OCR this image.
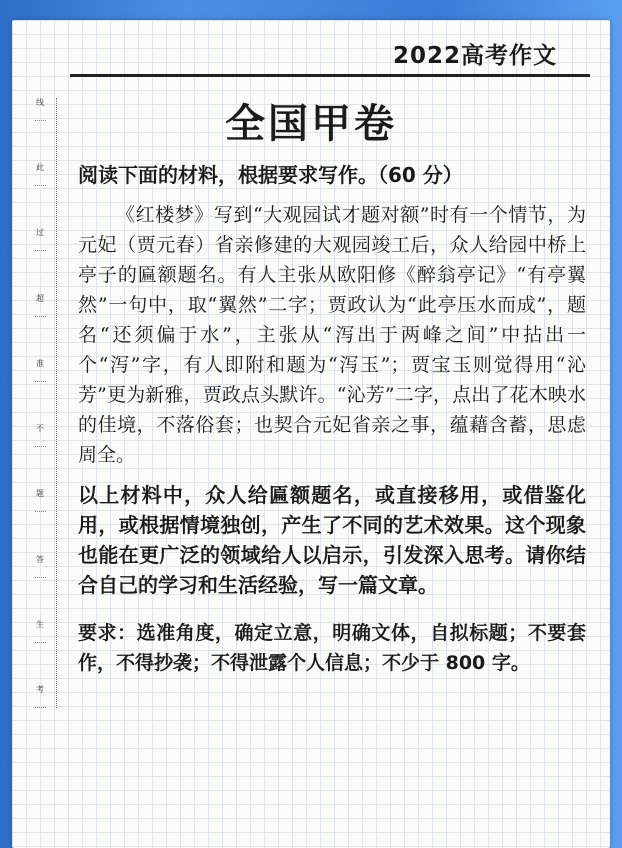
2022高考作文
线
此
过
超
准
不
题
答
生
考
全国甲卷

阅读下面的材料，根据要求写作。（60 分）

《红楼梦》写到“大观园试才题对额”时有一个情节，为元妃（贾元春）省亲修建的大观园竣工后，众人给园中桥上亭子的匾额题名。有人主张从欧阳修《醉翁亭记》“有亭翼然”一句中，取“翼然”二字；贾政认为“此亭压水而成”，题名“还须偏于水”，主张从“泻出于两峰之间”中拈出一个“泻”字，有人即附和题为“泻玉”；贾宝玉则觉得用“沁芳”更为新雅，贾政点头默许。“沁芳”二字，点出了花木映水的佳境，不落俗套；也契合元妃省亲之事，蕴藉含蓄，思虑周全。

以上材料中，众人给匾额题名，或直接移用，或借鉴化用，或根据情境独创，产生了不同的艺术效果。这个现象也能在更广泛的领域给人以启示，引发深入思考。请你结合自己的学习和生活经验，写一篇文章。

要求：选准角度，确定立意，明确文体，自拟标题；不要套作，不得抄袭；不得泄露个人信息；不少于 800 字。
